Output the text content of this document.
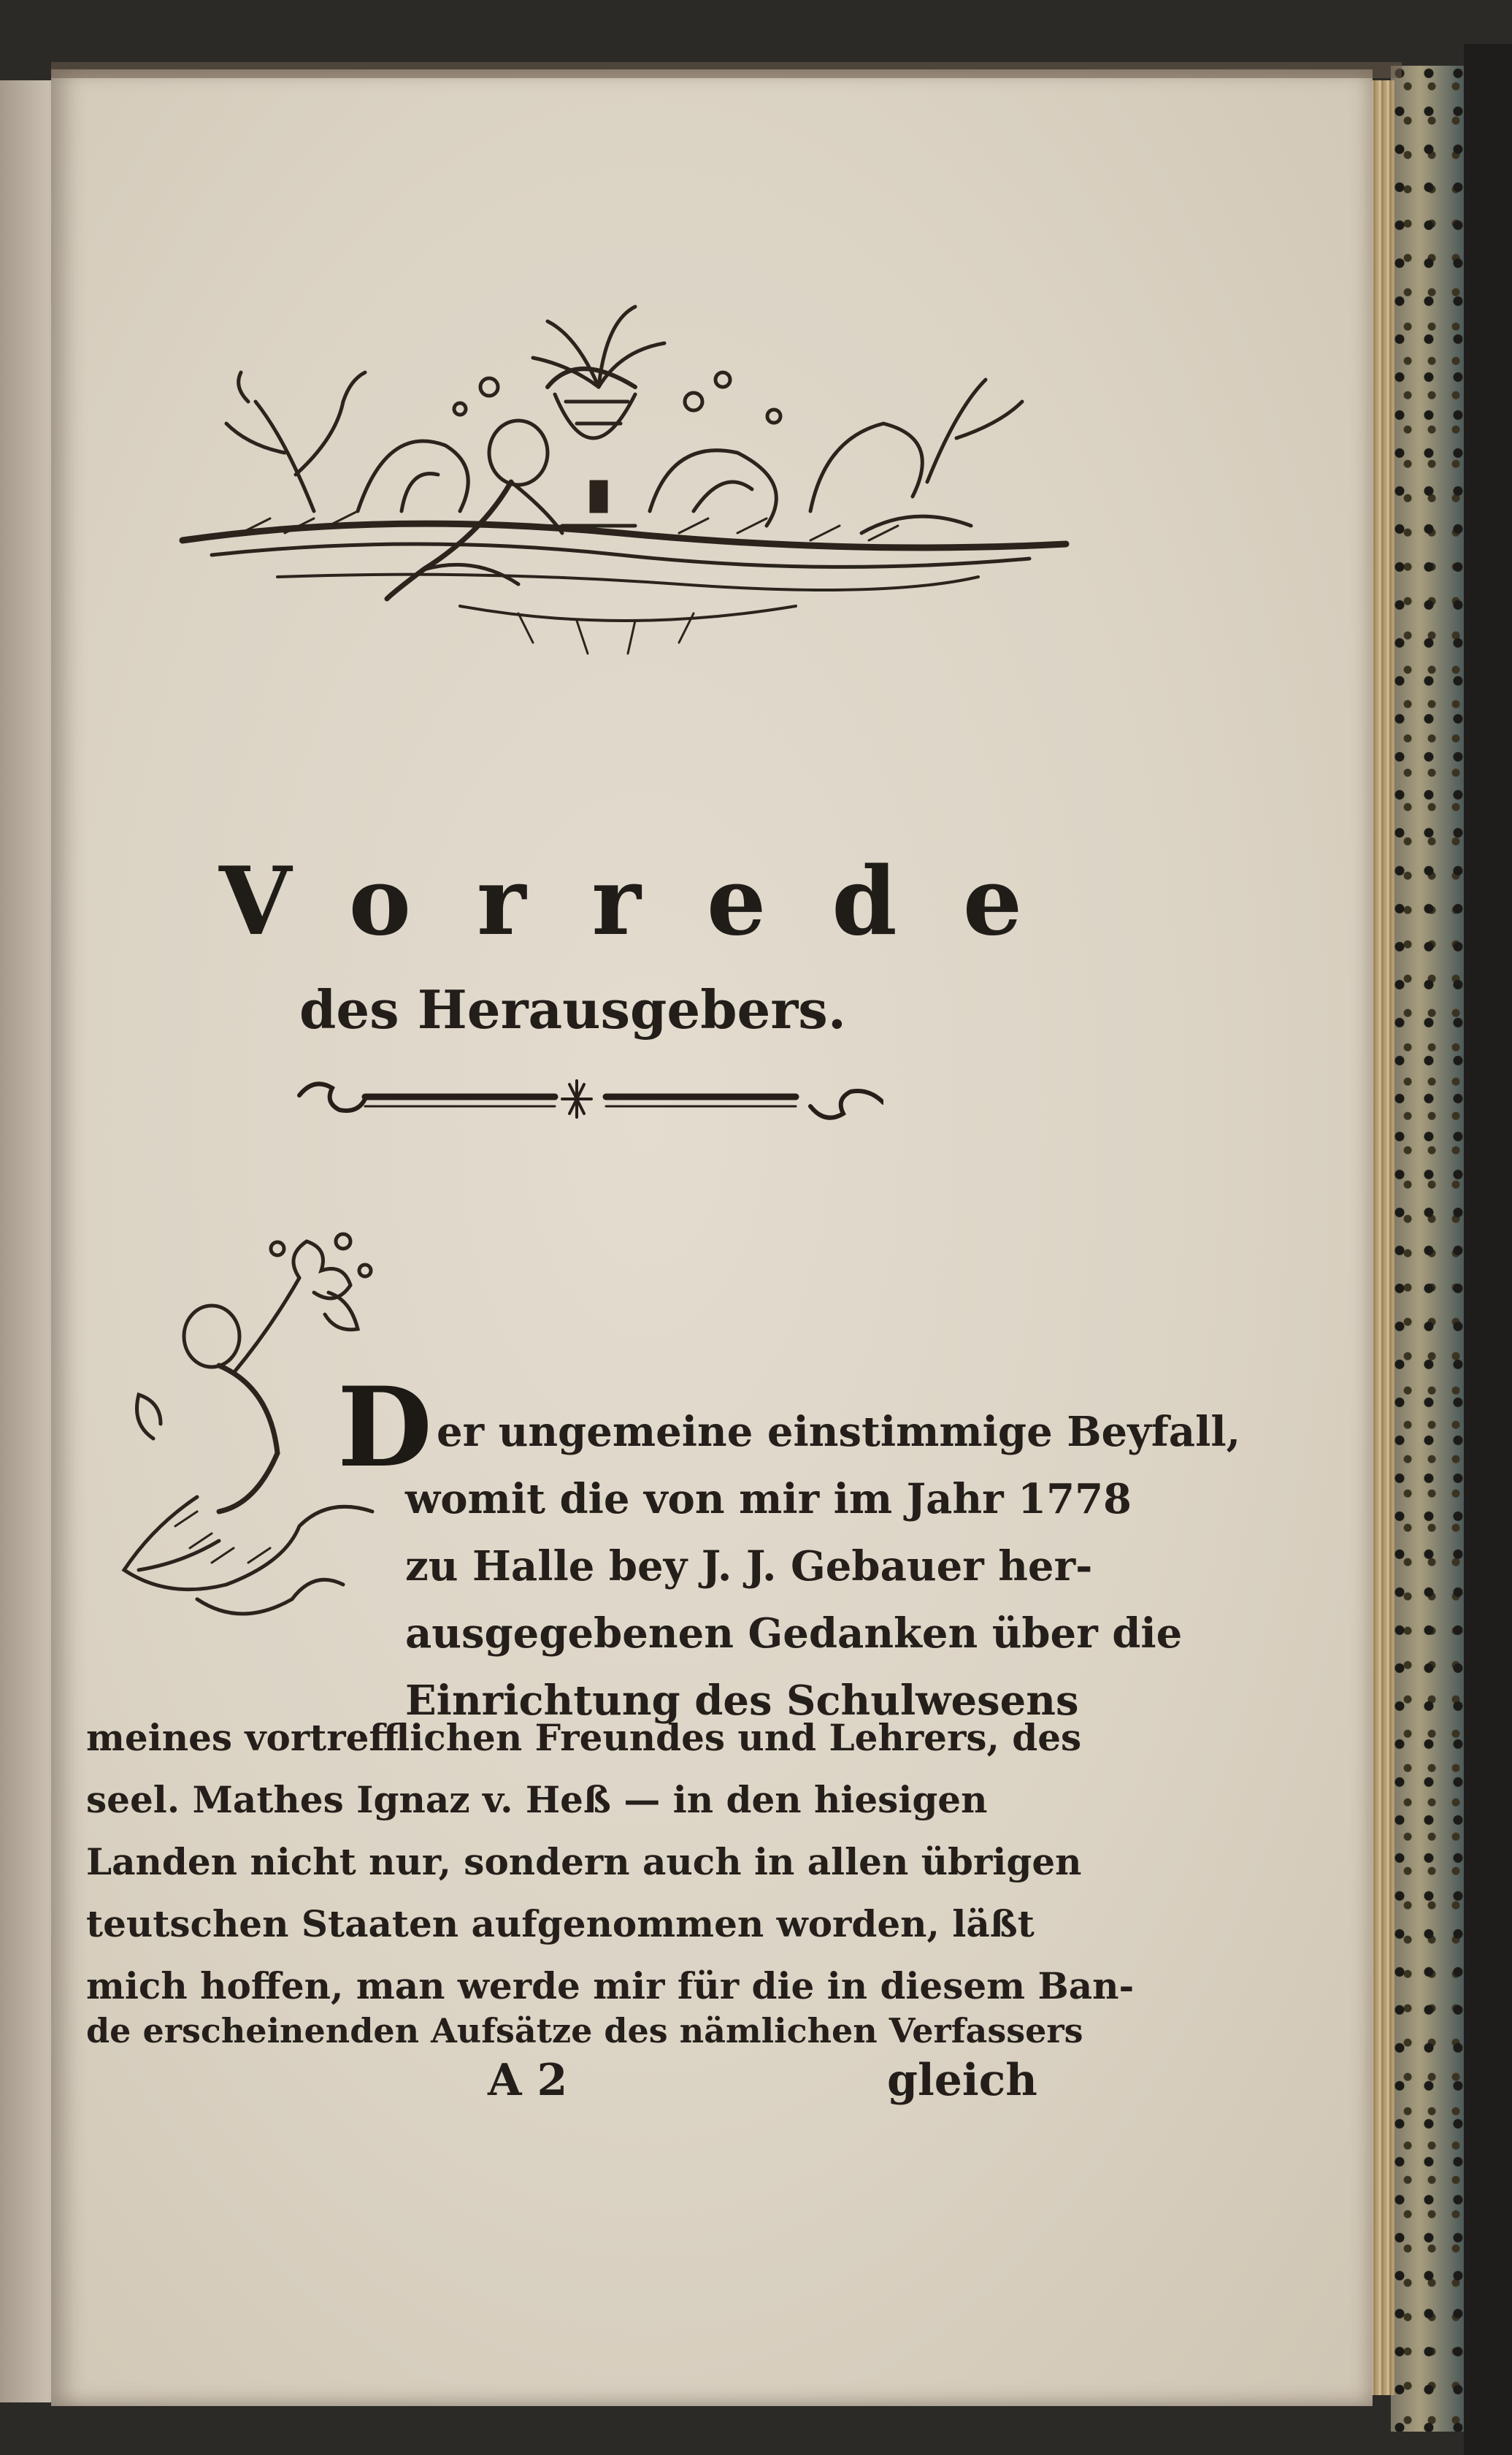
Vorrede
des Herausgebers.
D er ungemeine einstimmige Beyfall,
womit die von mir im Jahr 1778
zu Halle bey J. J. Gebauer her-
ausgegebenen Gedanken über die
Einrichtung des Schulwesens
meines vortrefflichen Freundes und Lehrers, des
seel. Mathes Ignaz v. Heß — in den hiesigen
Landen nicht nur, sondern auch in allen übrigen
teutschen Staaten aufgenommen worden, läßt
mich hoffen, man werde mir für die in diesem Ban-
de erscheinenden Aufsätze des nämlichen Verfassers
A 2	gleich
